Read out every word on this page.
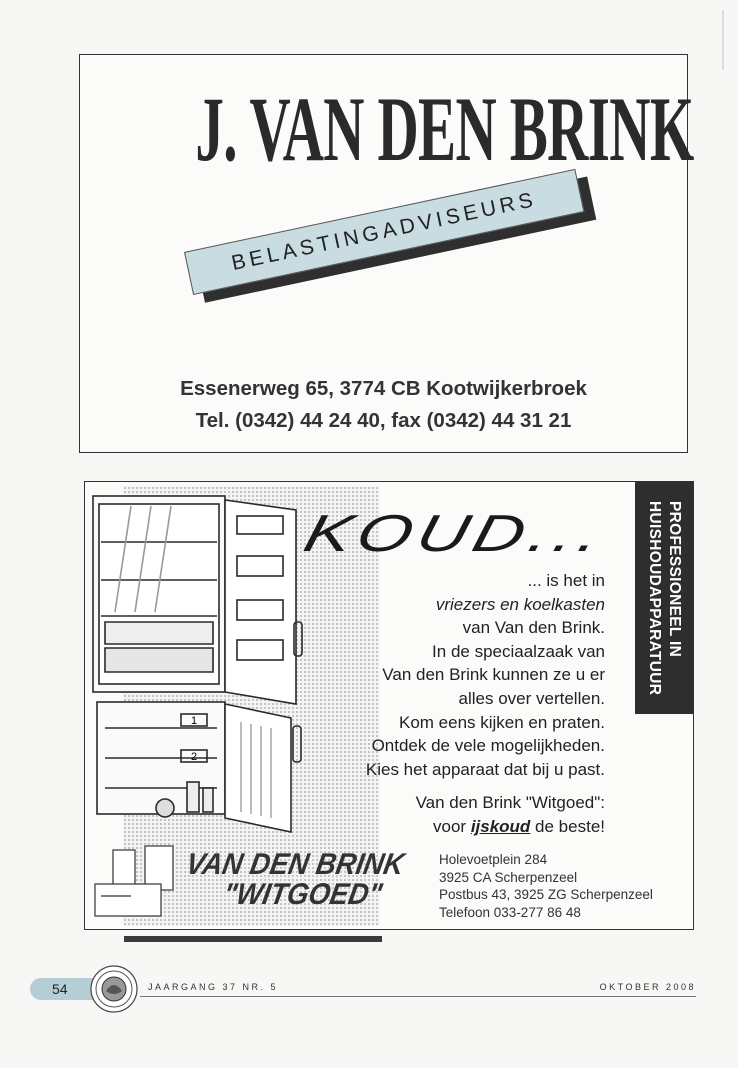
J. VAN DEN BRINK
BELASTINGADVISEURS
Essenerweg 65, 3774 CB Kootwijkerbroek
Tel. (0342) 44 24 40, fax (0342) 44 31 21
1
2
PROFESSIONEEL IN
HUISHOUDAPPARATUUR
KOUD...
... is het in
vriezers en koelkasten
van Van den Brink.
In de speciaalzaak van
Van den Brink kunnen ze u er
alles over vertellen.
Kom eens kijken en praten.
Ontdek de vele mogelijkheden.
Kies het apparaat dat bij u past.
Van den Brink "Witgoed":
voor ijskoud de beste!
VAN DEN BRINK
"WITGOED"
Holevoetplein 284
3925 CA Scherpenzeel
Postbus 43, 3925 ZG Scherpenzeel
Telefoon 033-277 86 48
54	JAARGANG 37 NR. 5	OKTOBER 2008
